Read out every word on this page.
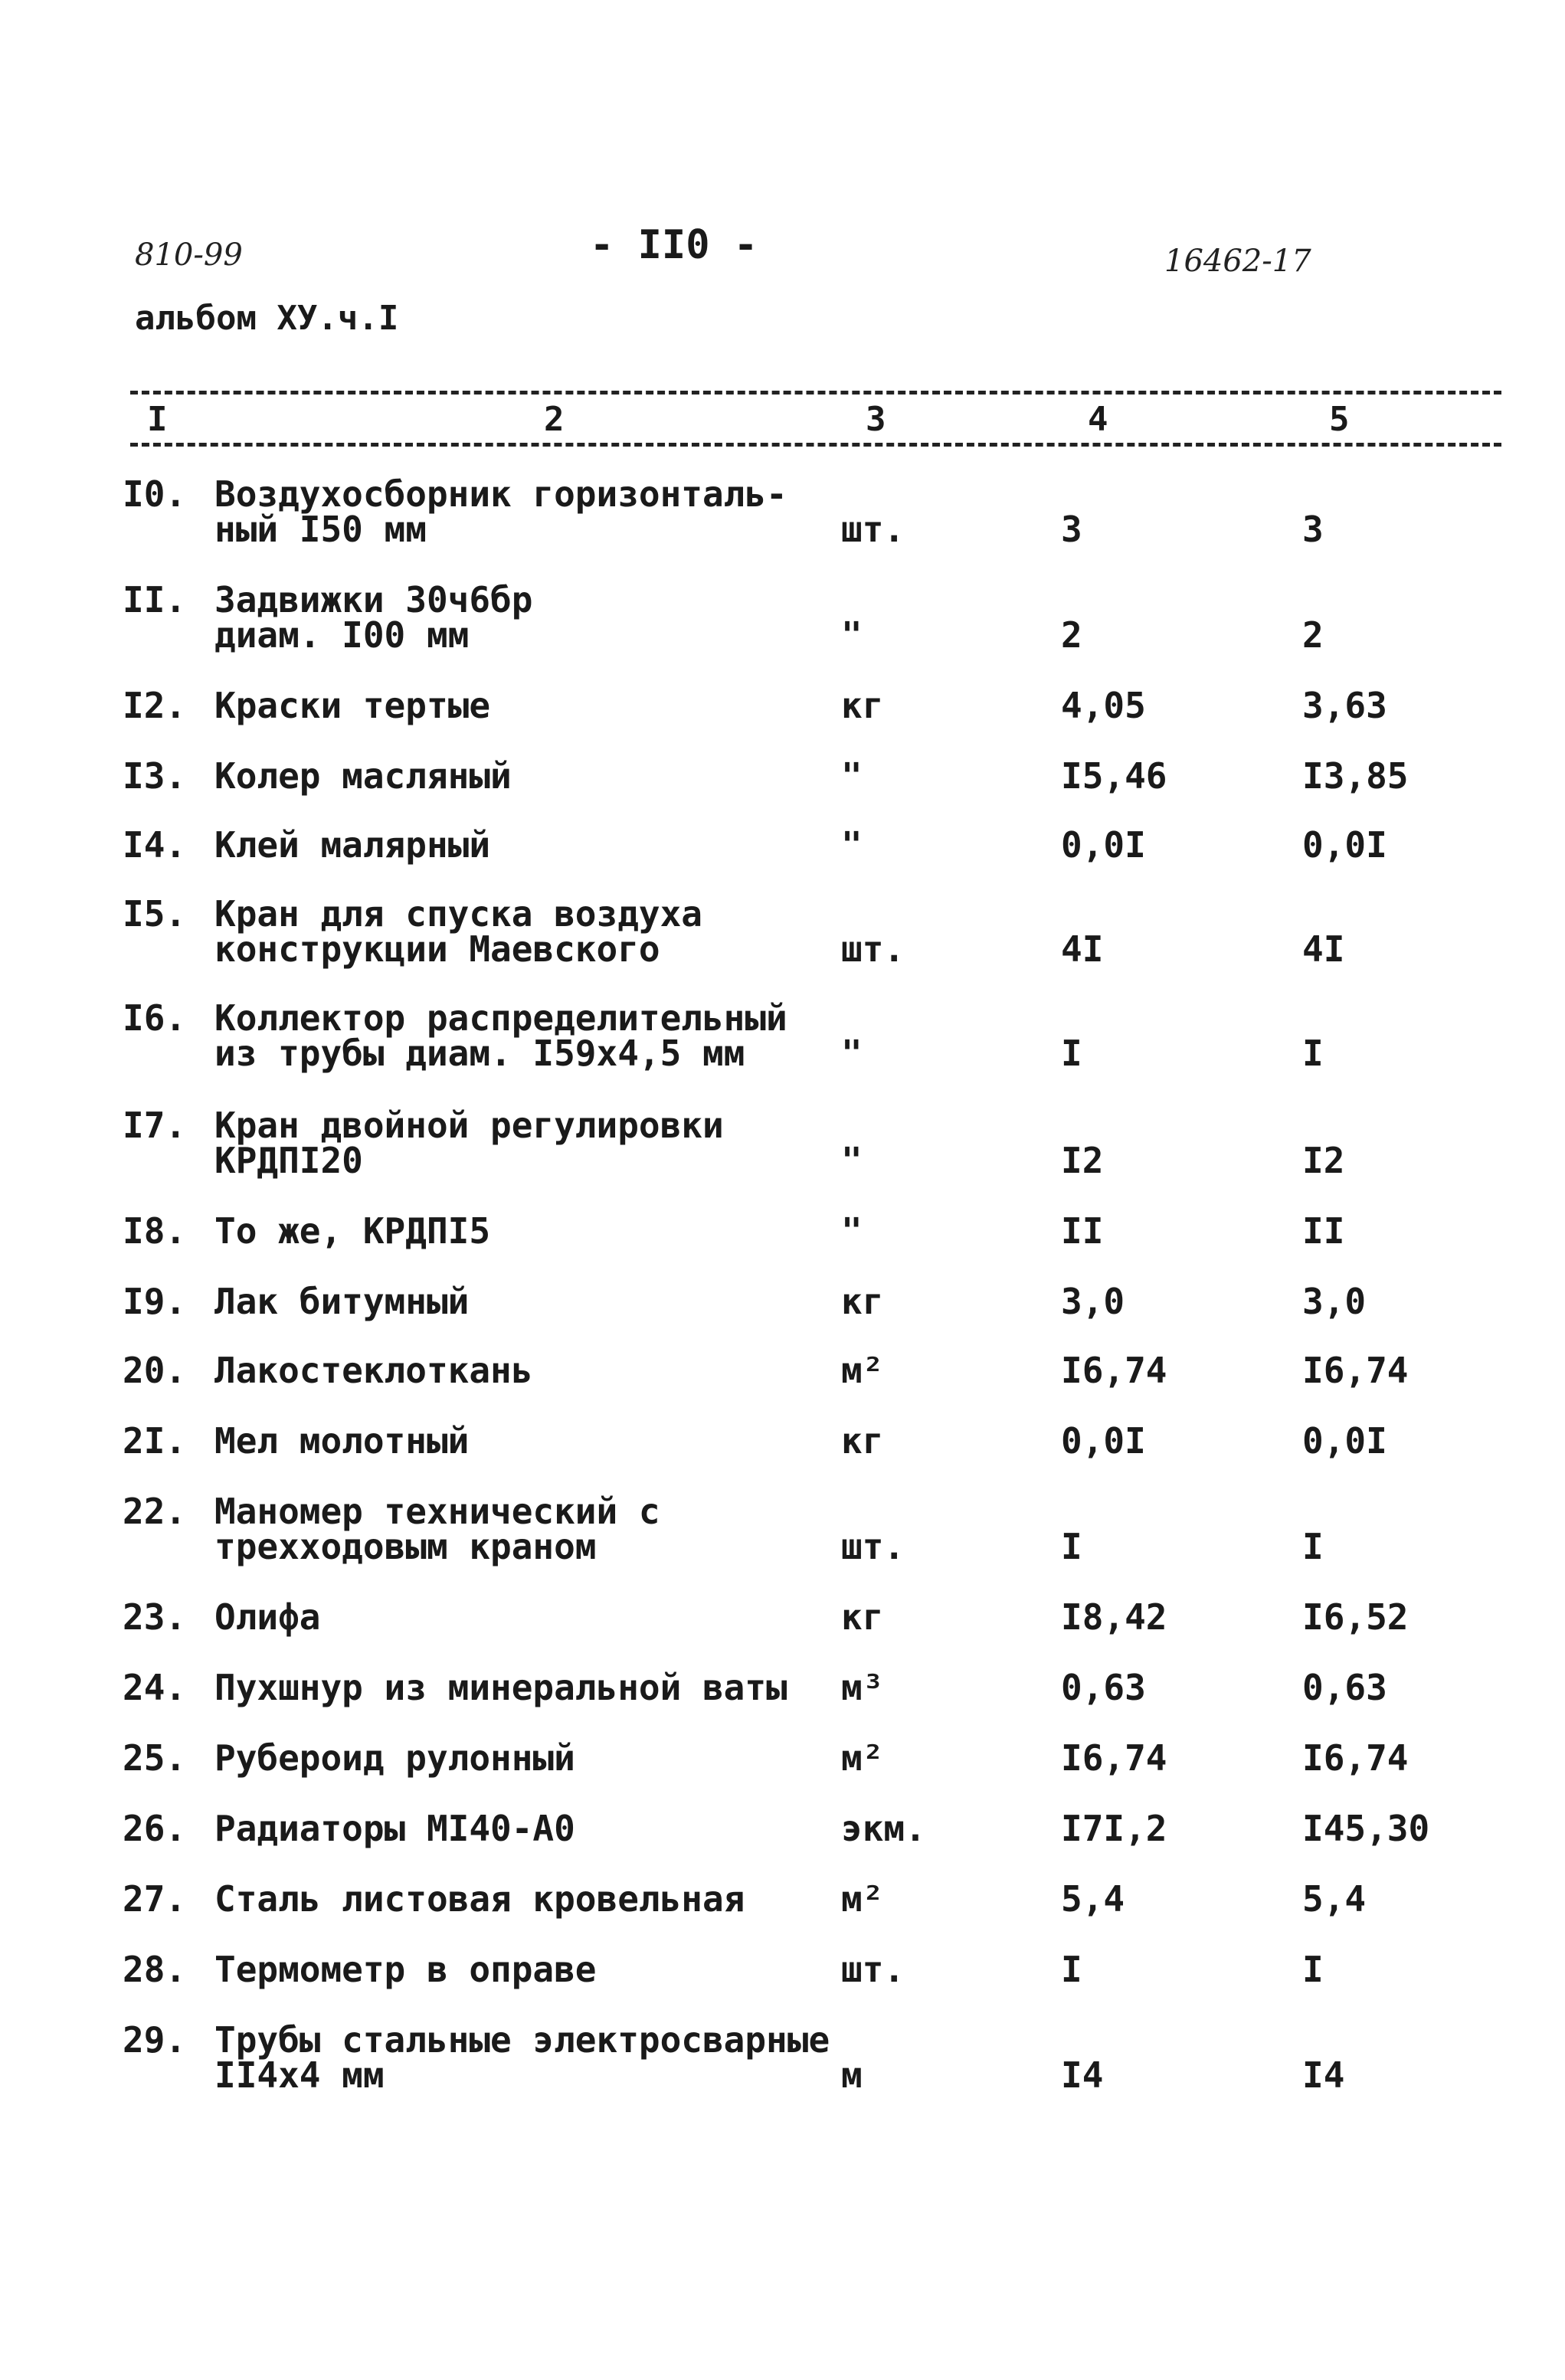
810-99	- II0 -	16462-17
альбом XУ.ч.I
I	2	3	4	5
I0. Воздухосборник горизонталь-
ный I50 мм	шт.	3	3
II. Задвижки 30ч6бр
диам. I00 мм	"	2	2
I2. Краски тертые	кг	4,05	3,63
I3. Колер масляный	"	I5,46	I3,85
I4. Клей малярный	"	0,0I	0,0I
I5. Кран для спуска воздуха
конструкции Маевского	шт.	4I	4I
I6. Коллектор распределительный
из трубы диам. I59х4,5 мм	"	I	I
I7. Кран двойной регулировки
КРДПI20	"	I2	I2
I8. То же, КРДПI5	"	II	II
I9. Лак битумный	кг	3,0	3,0
20. Лакостеклоткань	м²	I6,74	I6,74
2I. Мел молотный	кг	0,0I	0,0I
22. Маномер технический с
трехходовым краном	шт.	I	I
23. Олифа	кг	I8,42	I6,52
24. Пухшнур из минеральной ваты м³	0,63	0,63
25. Рубероид рулонный	м²	I6,74	I6,74
26. Радиаторы МI40-А0	экм.	I7I,2	I45,30
27. Сталь листовая кровельная	м²	5,4	5,4
28. Термометр в оправе	шт.	I	I
29. Трубы стальные электросварные
II4х4 мм	м	I4	I4
